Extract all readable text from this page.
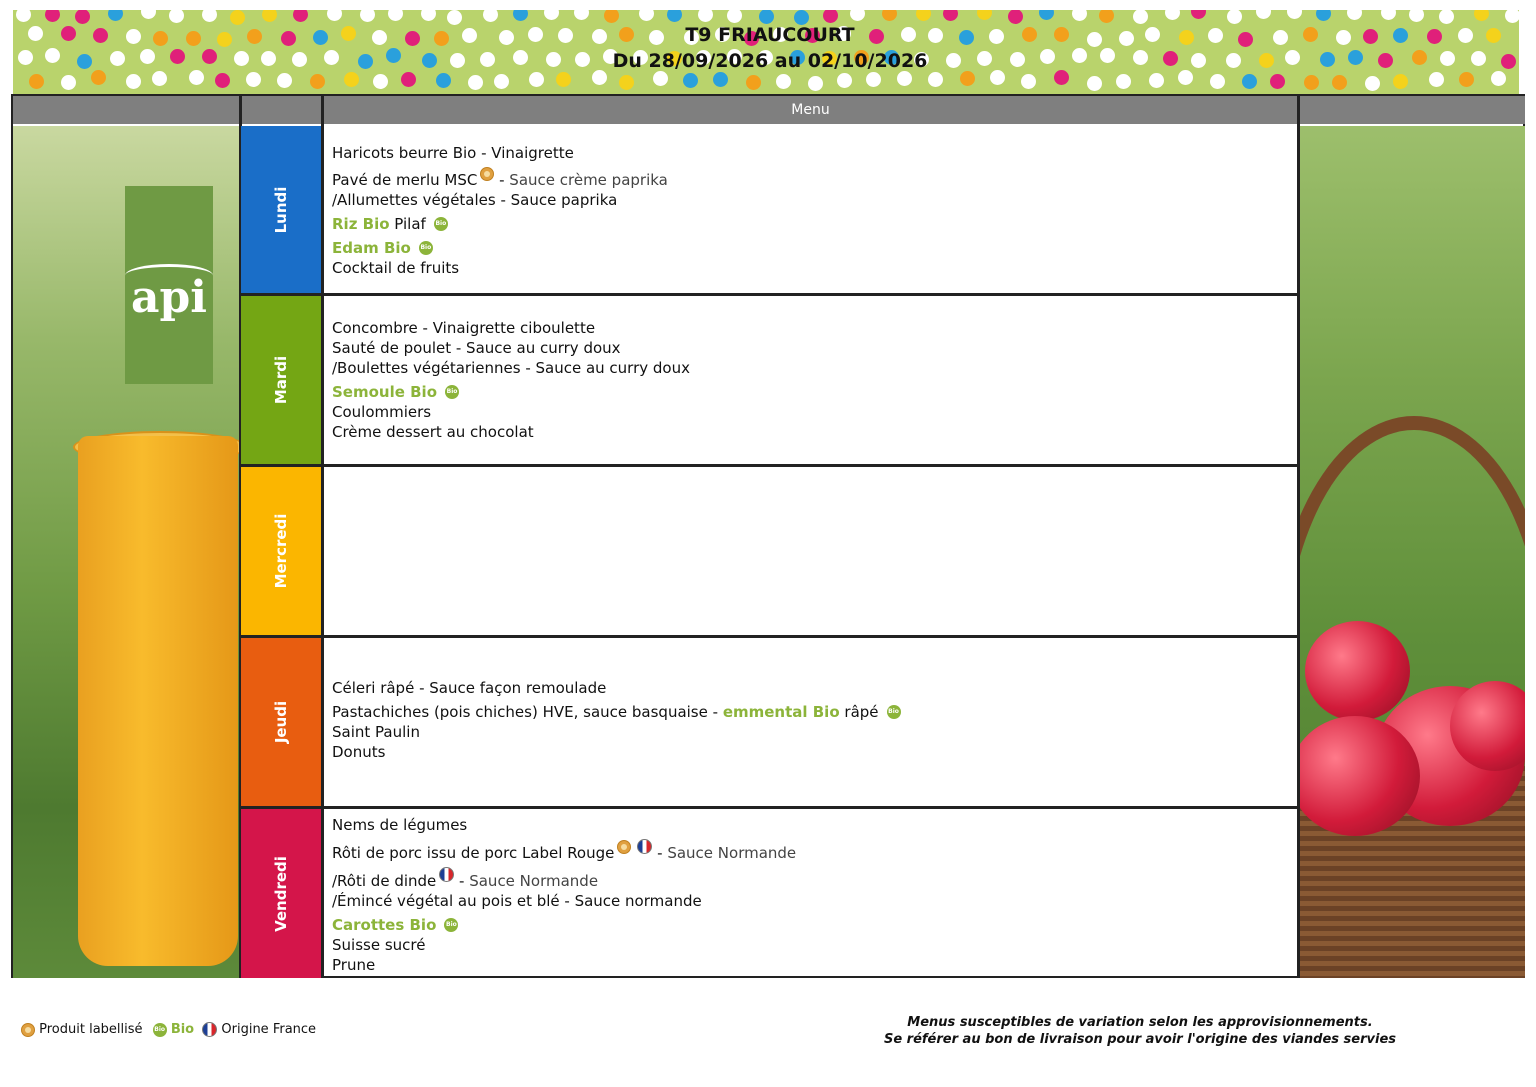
T9 FRIAUCOURT
Du 28/09/2026 au 02/10/2026
Menu
api
Lundi
Mardi
Mercredi
Jeudi
Vendredi
Haricots beurre Bio - Vinaigrette
Pavé de merlu MSC - Sauce crème paprika
/Allumettes végétales - Sauce paprika
Riz Bio Pilaf Bio
Edam Bio Bio
Cocktail de fruits
Concombre - Vinaigrette ciboulette
Sauté de poulet - Sauce au curry doux
/Boulettes végétariennes - Sauce au curry doux
Semoule Bio Bio
Coulommiers
Crème dessert au chocolat
Céleri râpé - Sauce façon remoulade
Pastachiches (pois chiches) HVE, sauce basquaise - emmental Bio râpé Bio
Saint Paulin
Donuts
Nems de légumes
Rôti de porc issu de porc Label Rouge	- Sauce Normande
/Rôti de dinde - Sauce Normande
/Émincé végétal au pois et blé - Sauce normande
Carottes Bio Bio
Suisse sucré
Prune
Produit labellisé Bio Bio Origine France	Menus susceptibles de variation selon les approvisionnements.
Se référer au bon de livraison pour avoir l'origine des viandes servies
